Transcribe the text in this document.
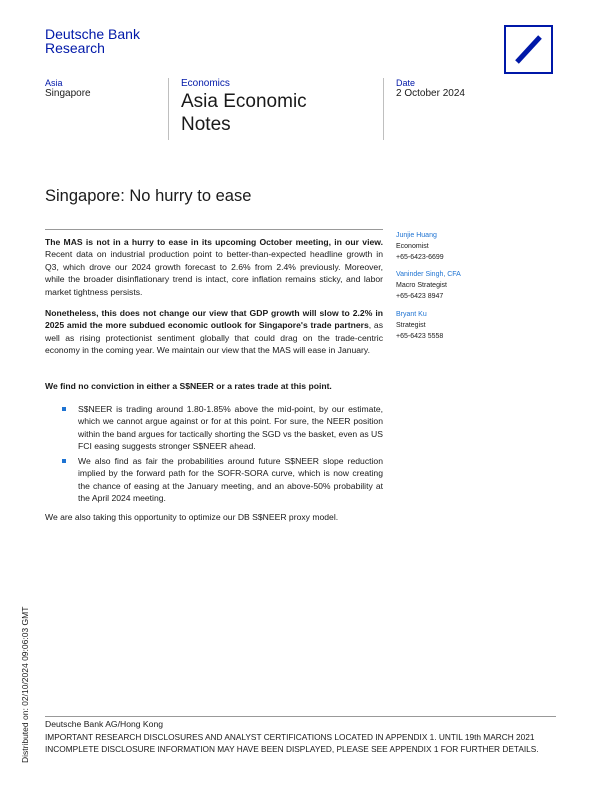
Deutsche Bank
Research
Asia
Singapore
Economics
Asia Economic Notes
Date
2 October 2024
Singapore: No hurry to ease
The MAS is not in a hurry to ease in its upcoming October meeting, in our view. Recent data on industrial production point to better-than-expected headline growth in Q3, which drove our 2024 growth forecast to 2.6% from 2.4% previously. Moreover, while the broader disinflationary trend is intact, core inflation remains sticky, and labor market tightness persists.
Nonetheless, this does not change our view that GDP growth will slow to 2.2% in 2025 amid the more subdued economic outlook for Singapore's trade partners, as well as rising protectionist sentiment globally that could drag on the trade-centric economy in the coming year. We maintain our view that the MAS will ease in January.
We find no conviction in either a S$NEER or a rates trade at this point.
S$NEER is trading around 1.80-1.85% above the mid-point, by our estimate, which we cannot argue against or for at this point. For sure, the NEER position within the band argues for tactically shorting the SGD vs the basket, even as US FCI easing suggests stronger S$NEER ahead.
We also find as fair the probabilities around future S$NEER slope reduction implied by the forward path for the SOFR-SORA curve, which is now creating the chance of easing at the January meeting, and an above-50% probability at the April 2024 meeting.
We are also taking this opportunity to optimize our DB S$NEER proxy model.
Junjie Huang
Economist
+65-6423-6699
Vaninder Singh, CFA
Macro Strategist
+65-6423 8947
Bryant Ku
Strategist
+65-6423 5558
Distributed on: 02/10/2024 09:06:03 GMT Deutsche Bank AG/Hong Kong
IMPORTANT RESEARCH DISCLOSURES AND ANALYST CERTIFICATIONS LOCATED IN APPENDIX 1. UNTIL 19th MARCH 2021 INCOMPLETE DISCLOSURE INFORMATION MAY HAVE BEEN DISPLAYED, PLEASE SEE APPENDIX 1 FOR FURTHER DETAILS.
